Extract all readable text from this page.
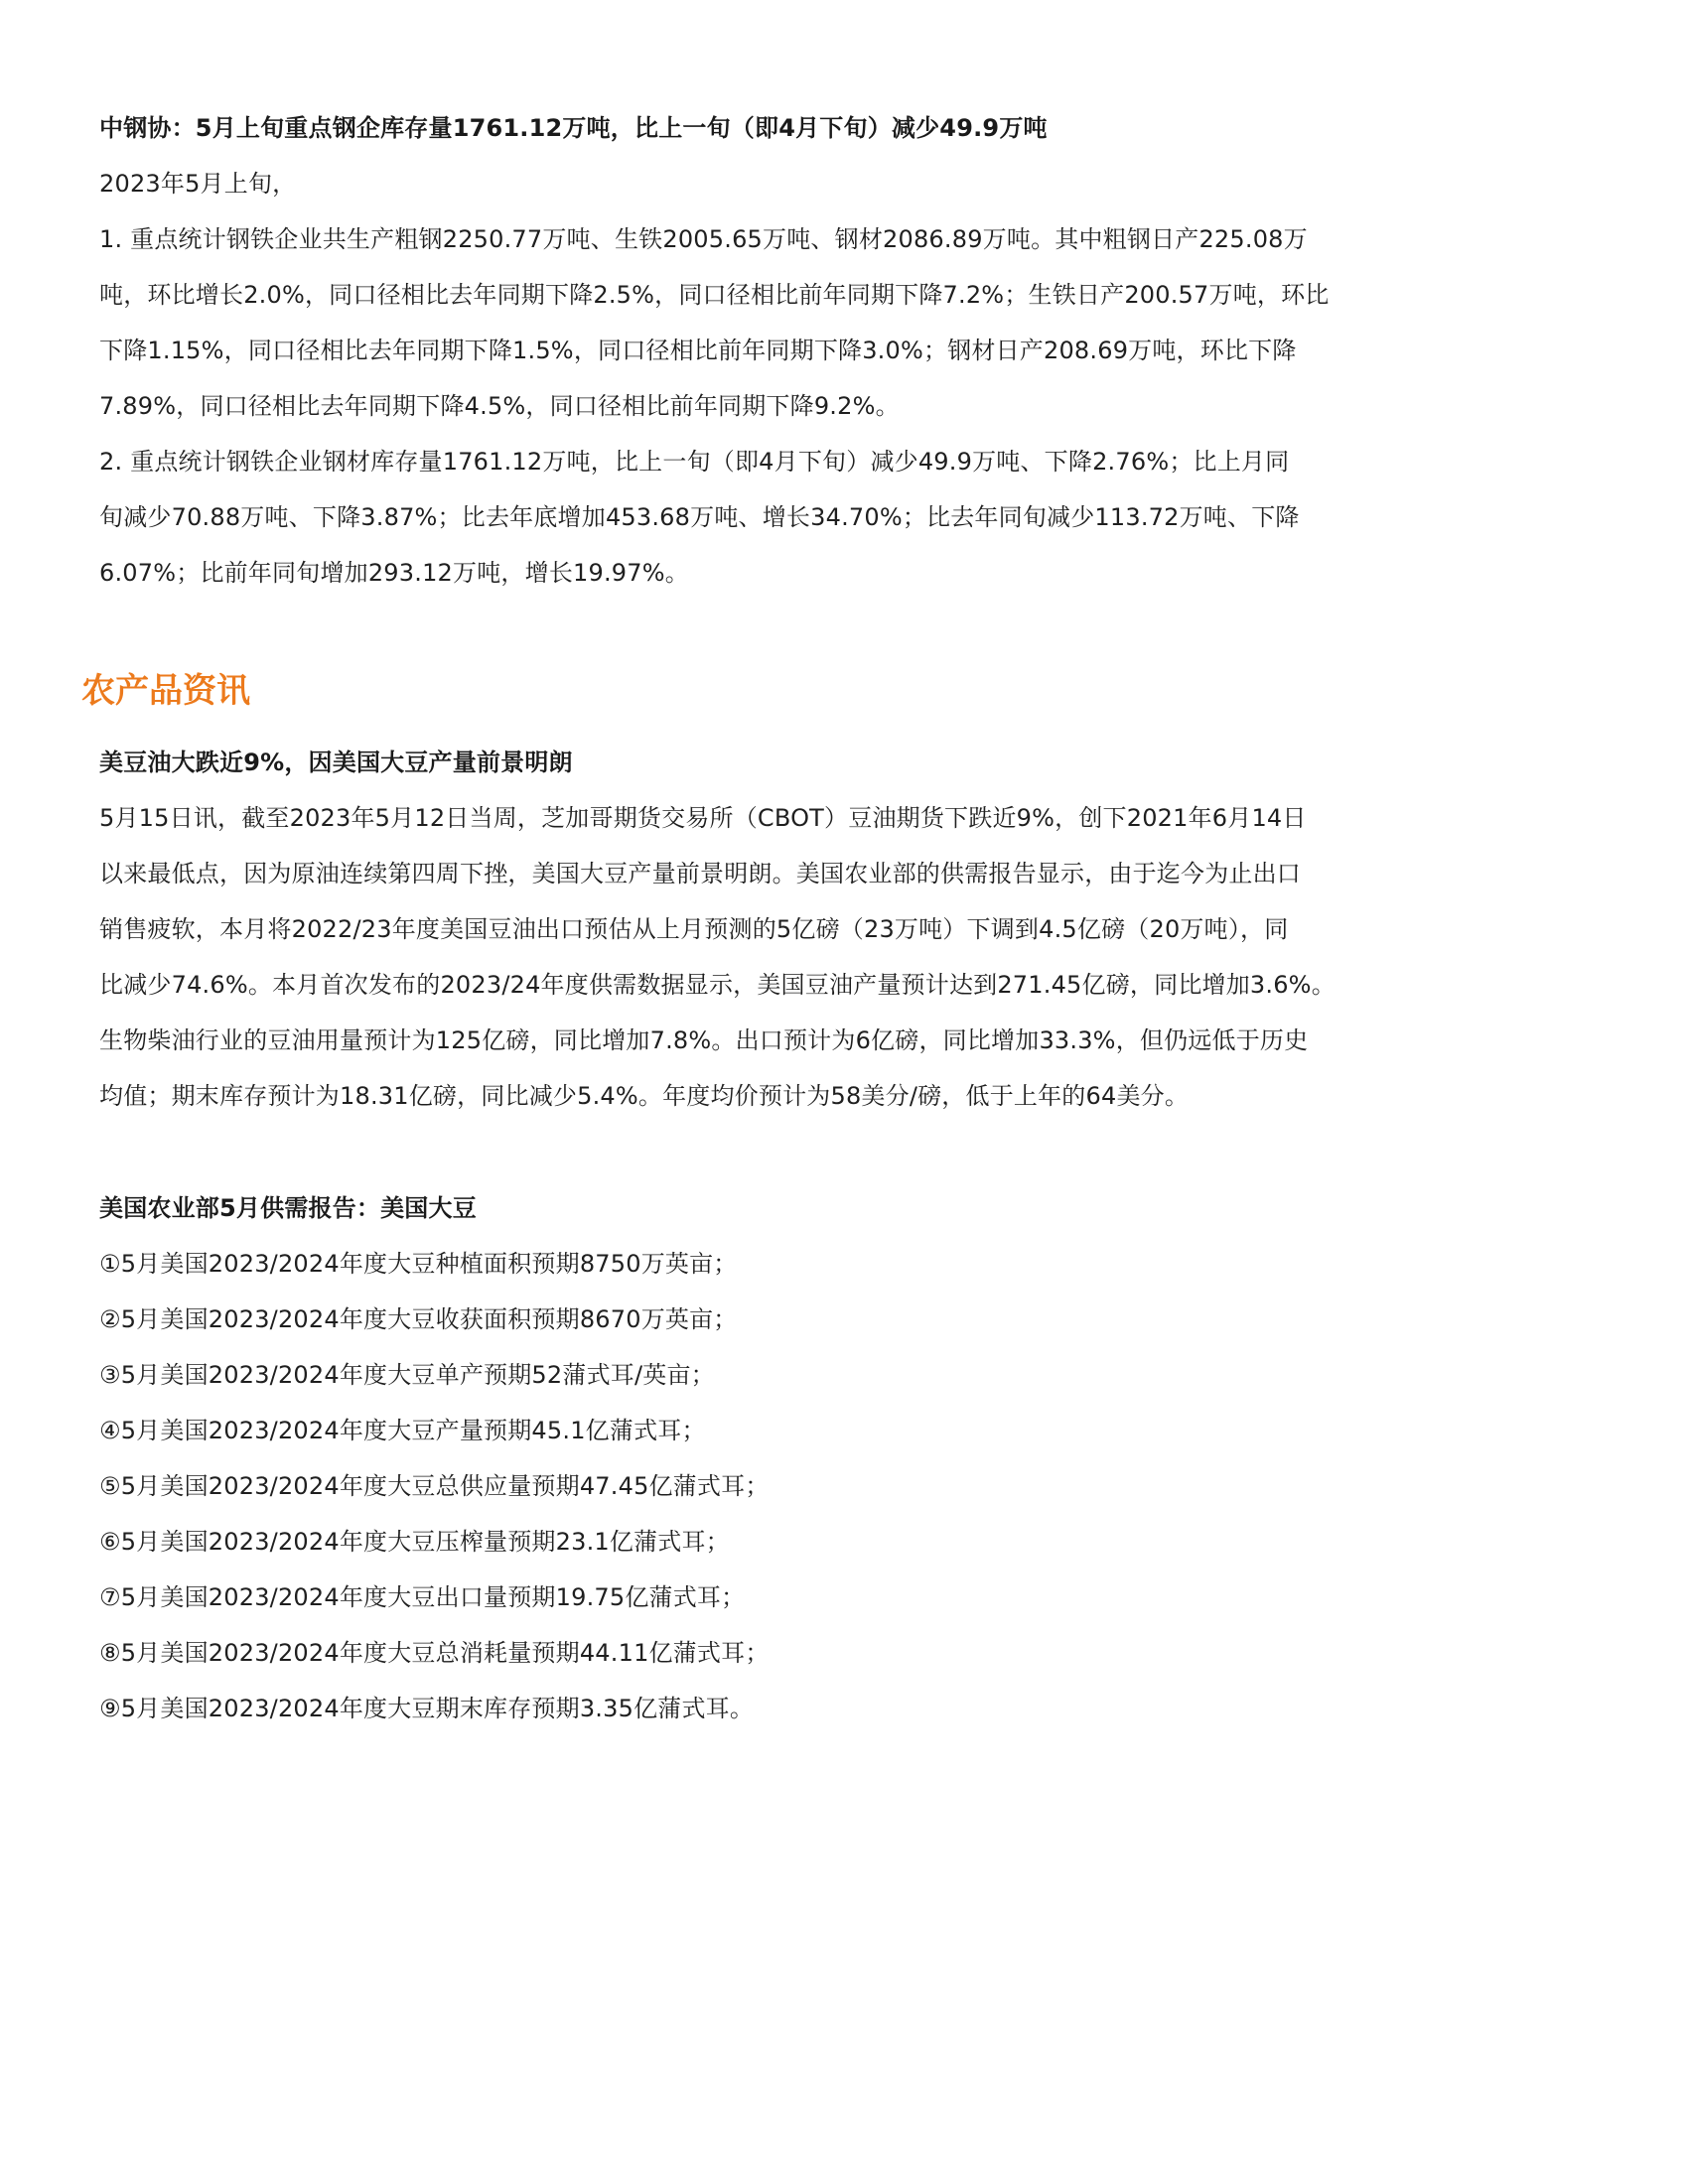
中钢协：5月上旬重点钢企库存量1761.12万吨，比上一旬（即4月下旬）减少49.9万吨
2023年5月上旬，
1. 重点统计钢铁企业共生产粗钢2250.77万吨、生铁2005.65万吨、钢材2086.89万吨。其中粗钢日产225.08万
吨，环比增长2.0%，同口径相比去年同期下降2.5%，同口径相比前年同期下降7.2%；生铁日产200.57万吨，环比
下降1.15%，同口径相比去年同期下降1.5%，同口径相比前年同期下降3.0%；钢材日产208.69万吨，环比下降
7.89%，同口径相比去年同期下降4.5%，同口径相比前年同期下降9.2%。
2. 重点统计钢铁企业钢材库存量1761.12万吨，比上一旬（即4月下旬）减少49.9万吨、下降2.76%；比上月同
旬减少70.88万吨、下降3.87%；比去年底增加453.68万吨、增长34.70%；比去年同旬减少113.72万吨、下降
6.07%；比前年同旬增加293.12万吨，增长19.97%。
农产品资讯
美豆油大跌近9%，因美国大豆产量前景明朗
5月15日讯，截至2023年5月12日当周，芝加哥期货交易所（CBOT）豆油期货下跌近9%，创下2021年6月14日
以来最低点，因为原油连续第四周下挫，美国大豆产量前景明朗。美国农业部的供需报告显示，由于迄今为止出口
销售疲软，本月将2022/23年度美国豆油出口预估从上月预测的5亿磅（23万吨）下调到4.5亿磅（20万吨），同
比减少74.6%。本月首次发布的2023/24年度供需数据显示，美国豆油产量预计达到271.45亿磅，同比增加3.6%。
生物柴油行业的豆油用量预计为125亿磅，同比增加7.8%。出口预计为6亿磅，同比增加33.3%，但仍远低于历史
均值；期末库存预计为18.31亿磅，同比减少5.4%。年度均价预计为58美分/磅，低于上年的64美分。
美国农业部5月供需报告：美国大豆
①5月美国2023/2024年度大豆种植面积预期8750万英亩；
②5月美国2023/2024年度大豆收获面积预期8670万英亩；
③5月美国2023/2024年度大豆单产预期52蒲式耳/英亩；
④5月美国2023/2024年度大豆产量预期45.1亿蒲式耳；
⑤5月美国2023/2024年度大豆总供应量预期47.45亿蒲式耳；
⑥5月美国2023/2024年度大豆压榨量预期23.1亿蒲式耳；
⑦5月美国2023/2024年度大豆出口量预期19.75亿蒲式耳；
⑧5月美国2023/2024年度大豆总消耗量预期44.11亿蒲式耳；
⑨5月美国2023/2024年度大豆期末库存预期3.35亿蒲式耳。
